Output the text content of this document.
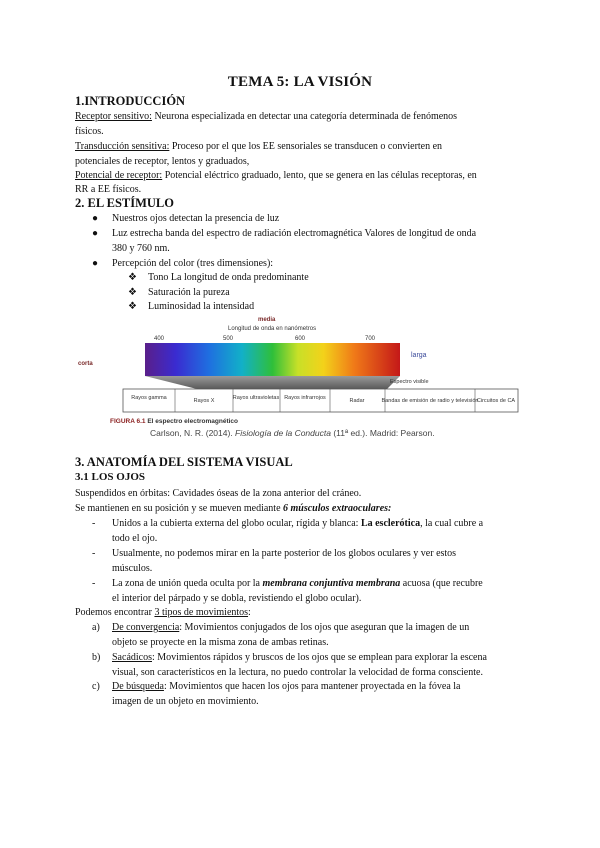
TEMA 5: LA VISIÓN
1.INTRODUCCIÓN

Receptor sensitivo: Neurona especializada en detectar una categoría determinada de fenómenos

físicos.

Transducción sensitiva: Proceso por el que los EE sensoriales se transducen o convierten en

potenciales de receptor, lentos y graduados,

Potencial de receptor: Potencial eléctrico graduado, lento, que se genera en las células receptoras, en

RR a EE físicos.

2. EL ESTÍMULO
● Nuestros ojos detectan la presencia de luz
● Luz estrecha banda del espectro de radiación electromagnética Valores de longitud de onda
380 y 760 nm.
● Percepción del color (tres dimensiones):
❖ Tono La longitud de onda predominante
❖ Saturación la pureza
❖ Luminosidad la intensidad
media
corta
larga
Longitud de onda en nanómetros
400	500	600	700
Espectro visible
Rayos gamma	Rayos X	Rayos ultravioletas Rayos infrarrojos	Radar	Bandas de emisión de radio y televisión
Circuitos de CA
FIGURA 6.1 El espectro electromagnético
Carlson, N. R. (2014). Fisiología de la Conducta (11ª ed.). Madrid: Pearson.
3. ANATOMÍA DEL SISTEMA VISUAL
3.1 LOS OJOS

Suspendidos en órbitas: Cavidades óseas de la zona anterior del cráneo.

Se mantienen en su posición y se mueven mediante 6 músculos extraoculares:

- Unidos a la cubierta externa del globo ocular, rígida y blanca: La esclerótica, la cual cubre a
todo el ojo.
- Usualmente, no podemos mirar en la parte posterior de los globos oculares y ver estos
músculos.
- La zona de unión queda oculta por la membrana conjuntiva membrana acuosa (que recubre
el interior del párpado y se dobla, revistiendo el globo ocular).

Podemos encontrar 3 tipos de movimientos:

a) De convergencia: Movimientos conjugados de los ojos que aseguran que la imagen de un
objeto se proyecte en la misma zona de ambas retinas.
b) Sacádicos: Movimientos rápidos y bruscos de los ojos que se emplean para explorar la escena
visual, son característicos en la lectura, no puedo controlar la velocidad de forma consciente.
c) De búsqueda: Movimientos que hacen los ojos para mantener proyectada en la fóvea la
imagen de un objeto en movimiento.
